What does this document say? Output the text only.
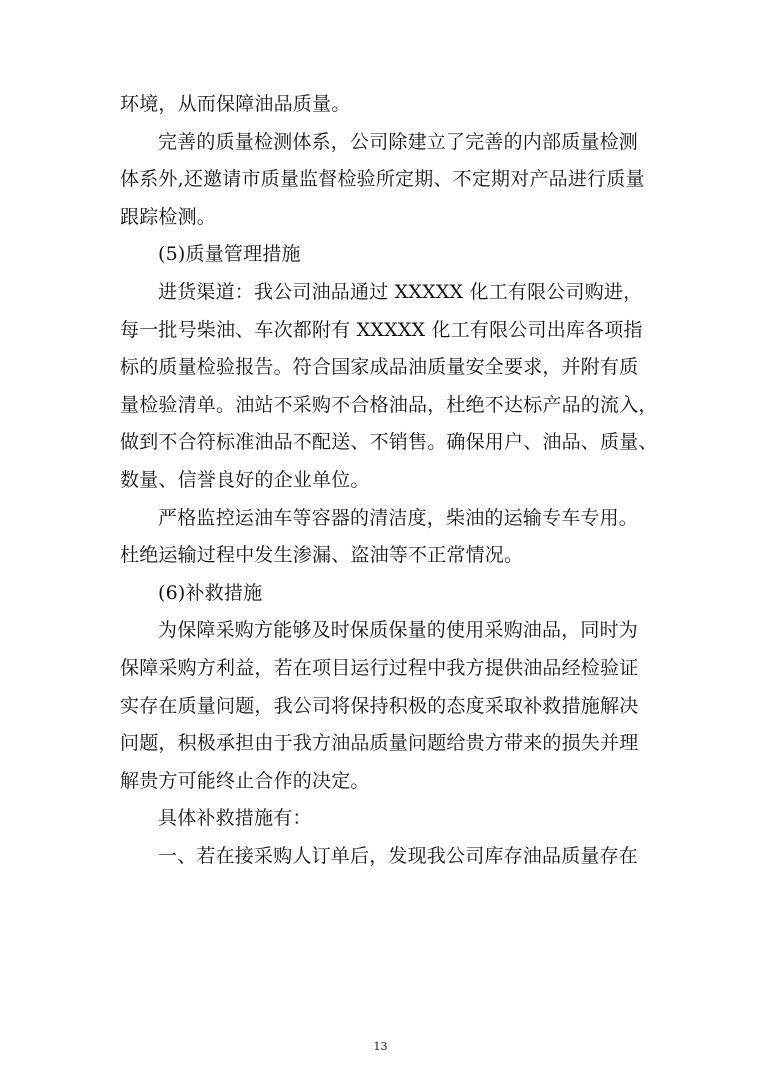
环境，从而保障油品质量。
完善的质量检测体系，公司除建立了完善的内部质量检测
体系外,还邀请市质量监督检验所定期、不定期对产品进行质量
跟踪检测。
(5)质量管理措施
进货渠道：我公司油品通过 XXXXX 化工有限公司购进，
每一批号柴油、车次都附有 XXXXX 化工有限公司出库各项指
标的质量检验报告。符合国家成品油质量安全要求，并附有质
量检验清单。油站不采购不合格油品，杜绝不达标产品的流入，
做到不合符标准油品不配送、不销售。确保用户、油品、质量、
数量、信誉良好的企业单位。
严格监控运油车等容器的清洁度，柴油的运输专车专用。
杜绝运输过程中发生渗漏、盗油等不正常情况。
(6)补救措施
为保障采购方能够及时保质保量的使用采购油品，同时为
保障采购方利益，若在项目运行过程中我方提供油品经检验证
实存在质量问题，我公司将保持积极的态度采取补救措施解决
问题，积极承担由于我方油品质量问题给贵方带来的损失并理
解贵方可能终止合作的决定。
具体补救措施有：
一、若在接采购人订单后，发现我公司库存油品质量存在
13
